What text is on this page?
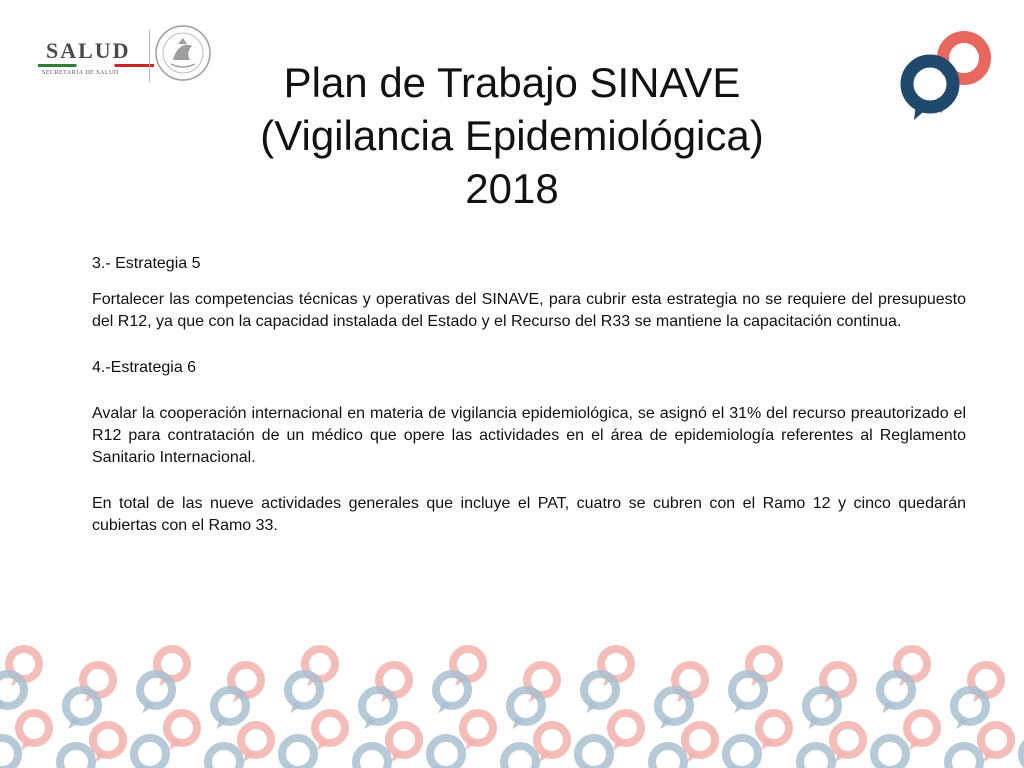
SALUD
SECRETARÍA DE SALUD	Plan de Trabajo SINAVE
(Vigilancia Epidemiológica)
2018

3.- Estrategia 5

Fortalecer las competencias técnicas y operativas del SINAVE, para cubrir esta estrategia no se requiere del presupuesto del R12, ya que con la capacidad instalada del Estado y el Recurso del R33 se mantiene la capacitación continua.

4.-Estrategia 6

Avalar la cooperación internacional en materia de vigilancia epidemiológica, se asignó el 31% del recurso preautorizado el R12 para contratación de un médico que opere las actividades en el área de epidemiología referentes al Reglamento Sanitario Internacional.

En total de las nueve actividades generales que incluye el PAT, cuatro se cubren con el Ramo 12 y cinco quedarán cubiertas con el Ramo 33.
